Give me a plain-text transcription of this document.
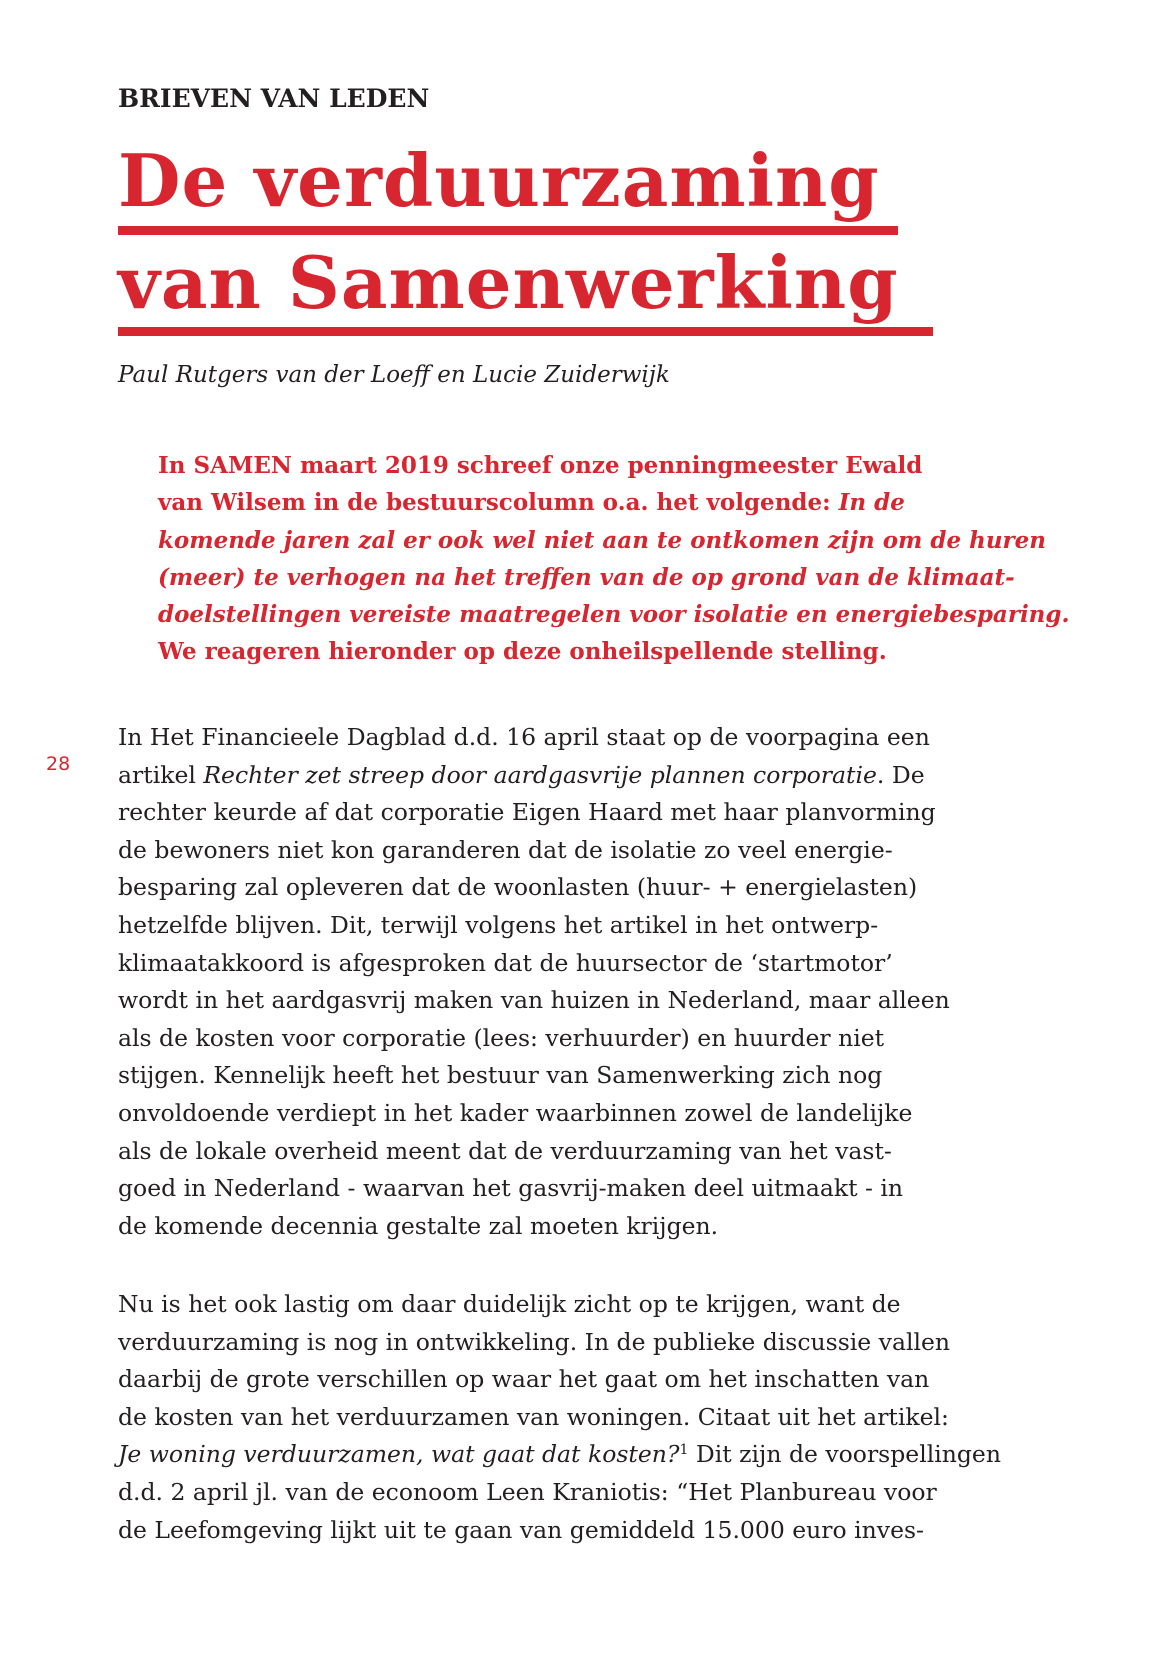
BRIEVEN VAN LEDEN
De verduurzaming
van Samenwerking
Paul Rutgers van der Loeff en Lucie Zuiderwijk
In SAMEN maart 2019 schreef onze penningmeester Ewald
van Wilsem in de bestuurscolumn o.a. het volgende: In de
komende jaren zal er ook wel niet aan te ontkomen zijn om de huren
(meer) te verhogen na het treffen van de op grond van de klimaat-
doelstellingen vereiste maatregelen voor isolatie en energiebesparing.
We reageren hieronder op deze onheilspellende stelling.
28
In Het Financieele Dagblad d.d. 16 april staat op de voorpagina een
artikel Rechter zet streep door aardgasvrije plannen corporatie. De
rechter keurde af dat corporatie Eigen Haard met haar planvorming
de bewoners niet kon garanderen dat de isolatie zo veel energie-
besparing zal opleveren dat de woonlasten (huur- + energielasten)
hetzelfde blijven. Dit, terwijl volgens het artikel in het ontwerp-
klimaatakkoord is afgesproken dat de huursector de ‘startmotor’
wordt in het aardgasvrij maken van huizen in Nederland, maar alleen
als de kosten voor corporatie (lees: verhuurder) en huurder niet
stijgen. Kennelijk heeft het bestuur van Samenwerking zich nog
onvoldoende verdiept in het kader waarbinnen zowel de landelijke
als de lokale overheid meent dat de verduurzaming van het vast-
goed in Nederland - waarvan het gasvrij-maken deel uitmaakt - in
de komende decennia gestalte zal moeten krijgen.
Nu is het ook lastig om daar duidelijk zicht op te krijgen, want de
verduurzaming is nog in ontwikkeling. In de publieke discussie vallen
daarbij de grote verschillen op waar het gaat om het inschatten van
de kosten van het verduurzamen van woningen. Citaat uit het artikel:
Je woning verduurzamen, wat gaat dat kosten?$^1$ Dit zijn de voorspellingen
d.d. 2 april jl. van de econoom Leen Kraniotis: “Het Planbureau voor
de Leefomgeving lijkt uit te gaan van gemiddeld 15.000 euro inves-
